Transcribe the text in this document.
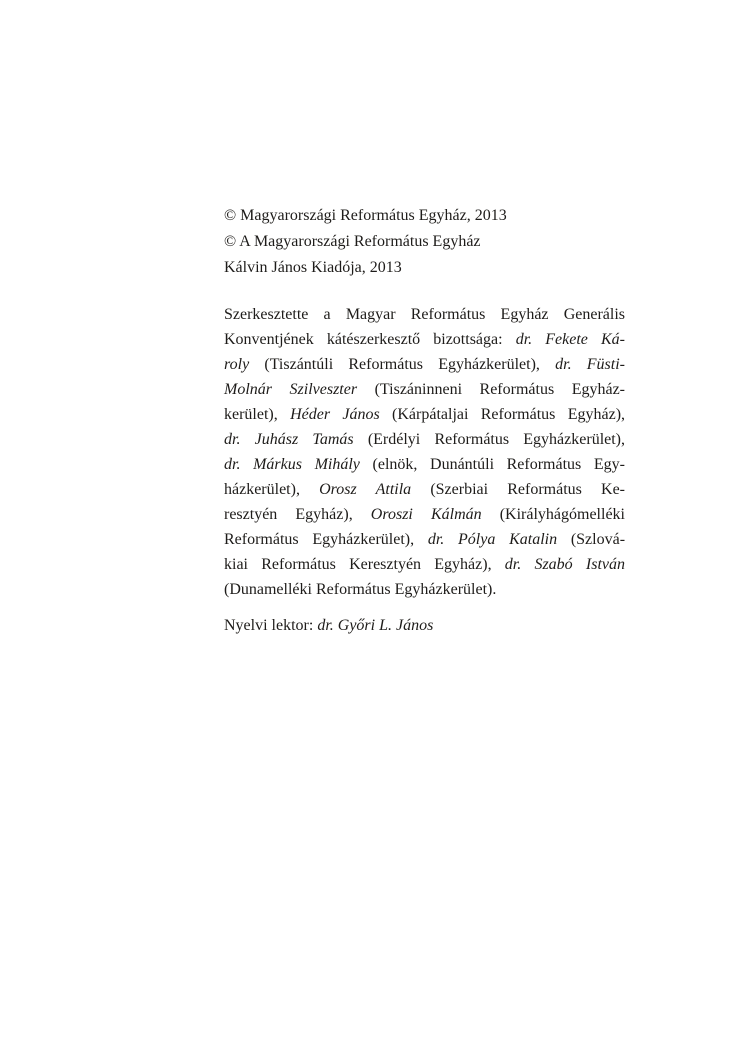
© Magyarországi Református Egyház, 2013
© A Magyarországi Református Egyház
Kálvin János Kiadója, 2013
Szerkesztette a Magyar Református Egyház Generális
Konventjének kátészerkesztő bizottsága: dr. Fekete Ká-
roly (Tiszántúli Református Egyházkerület), dr. Füsti-
Molnár Szilveszter (Tiszáninneni Református Egyház-
kerület), Héder János (Kárpátaljai Református Egyház),
dr. Juhász Tamás (Erdélyi Református Egyházkerület),
dr. Márkus Mihály (elnök, Dunántúli Református Egy-
házkerület), Orosz Attila (Szerbiai Református Ke-
resztyén Egyház), Oroszi Kálmán (Királyhágómelléki
Református Egyházkerület), dr. Pólya Katalin (Szlová-
kiai Református Keresztyén Egyház), dr. Szabó István
(Dunamelléki Református Egyházkerület).
Nyelvi lektor: dr. Győri L. János
